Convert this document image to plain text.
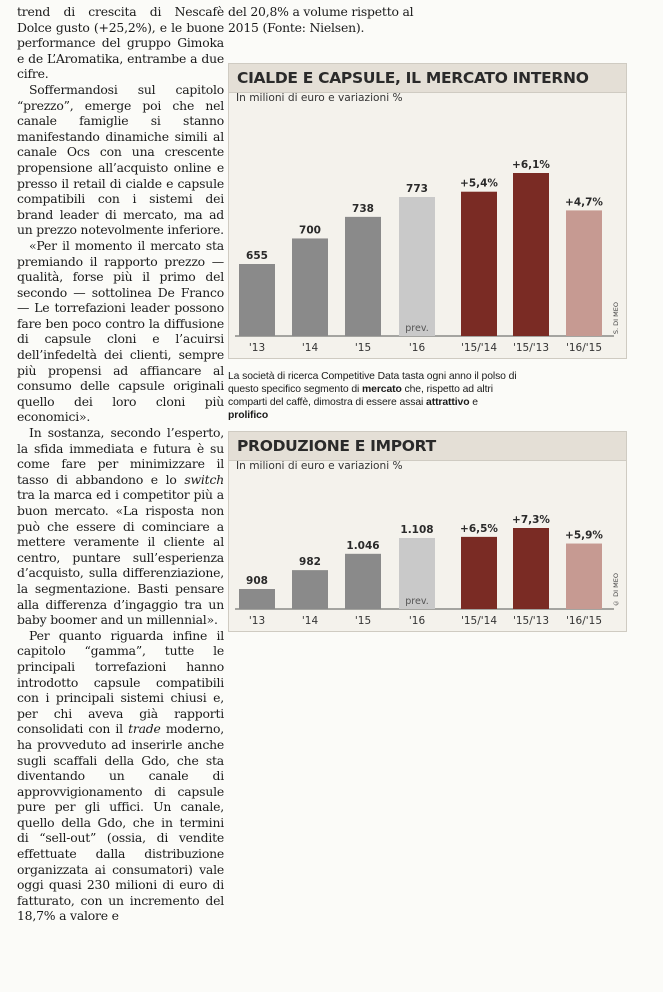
trend di crescita di Nescafè Dolce gusto (+25,2%), e le buone performance del gruppo Gimoka e de L’Aromatika, entrambe a due cifre.

Soffermandosi sul capitolo “prezzo”, emerge poi che nel canale famiglie si stanno manifestando dinamiche simili al canale Ocs con una crescente propensione all’acquisto online e presso il retail di cialde e capsule compatibili con i sistemi dei brand leader di mercato, ma ad un prezzo notevolmente inferiore.

«Per il momento il mercato sta premiando il rapporto prezzo — qualità, forse più il primo del secondo — sottolinea De Franco — Le torrefazioni leader possono fare ben poco contro la diffusione di capsule cloni e l’acuirsi dell’infedeltà dei clienti, sempre più propensi ad affiancare al consumo delle capsule originali quello dei loro cloni più economici».

In sostanza, secondo l’esperto, la sfida immediata e futura è su come fare per minimizzare il tasso di abbandono e lo switch tra la marca ed i competitor più a buon mercato. «La risposta non può che essere di cominciare a mettere veramente il cliente al centro, puntare sull’esperienza d’acquisto, sulla differenziazione, la segmentazione. Basti pensare alla differenza d’ingaggio tra un baby boomer and un millennial».

Per quanto riguarda infine il capitolo “gamma”, tutte le principali torrefazioni hanno introdotto capsule compatibili con i principali sistemi chiusi e, per chi aveva già rapporti consolidati con il trade moderno, ha provveduto ad inserirle anche sugli scaffali della Gdo, che sta diventando un canale di approvvigionamento di capsule pure per gli uffici. Un canale, quello della Gdo, che in termini di “sell-out” (ossia, di vendite effettuate dalla distribuzione organizzata ai consumatori) vale oggi quasi 230 milioni di euro di fatturato, con un incremento del 18,7% a valore e

del 20,8% a volume rispetto al 2015 (Fonte: Nielsen).
655
'13
700
'14
738
'15
773
'16
prev.
+5,4%
'15/'14
+6,1%
'15/'13
+4,7%
'16/'15
CIALDE E CAPSULE, IL MERCATO INTERNO
In milioni di euro e variazioni %
S. DI MEO
La società di ricerca Competitive Data tasta ogni anno il polso di questo specifico segmento di mercato che, rispetto ad altri comparti del caffè, dimostra di essere assai attrattivo e prolifico
908
'13
982
'14
1.046
'15
1.108
'16
prev.
+6,5%
'15/'14
+7,3%
'15/'13
+5,9%
'16/'15
PRODUZIONE E IMPORT
In milioni di euro e variazioni %
© DI MEO
